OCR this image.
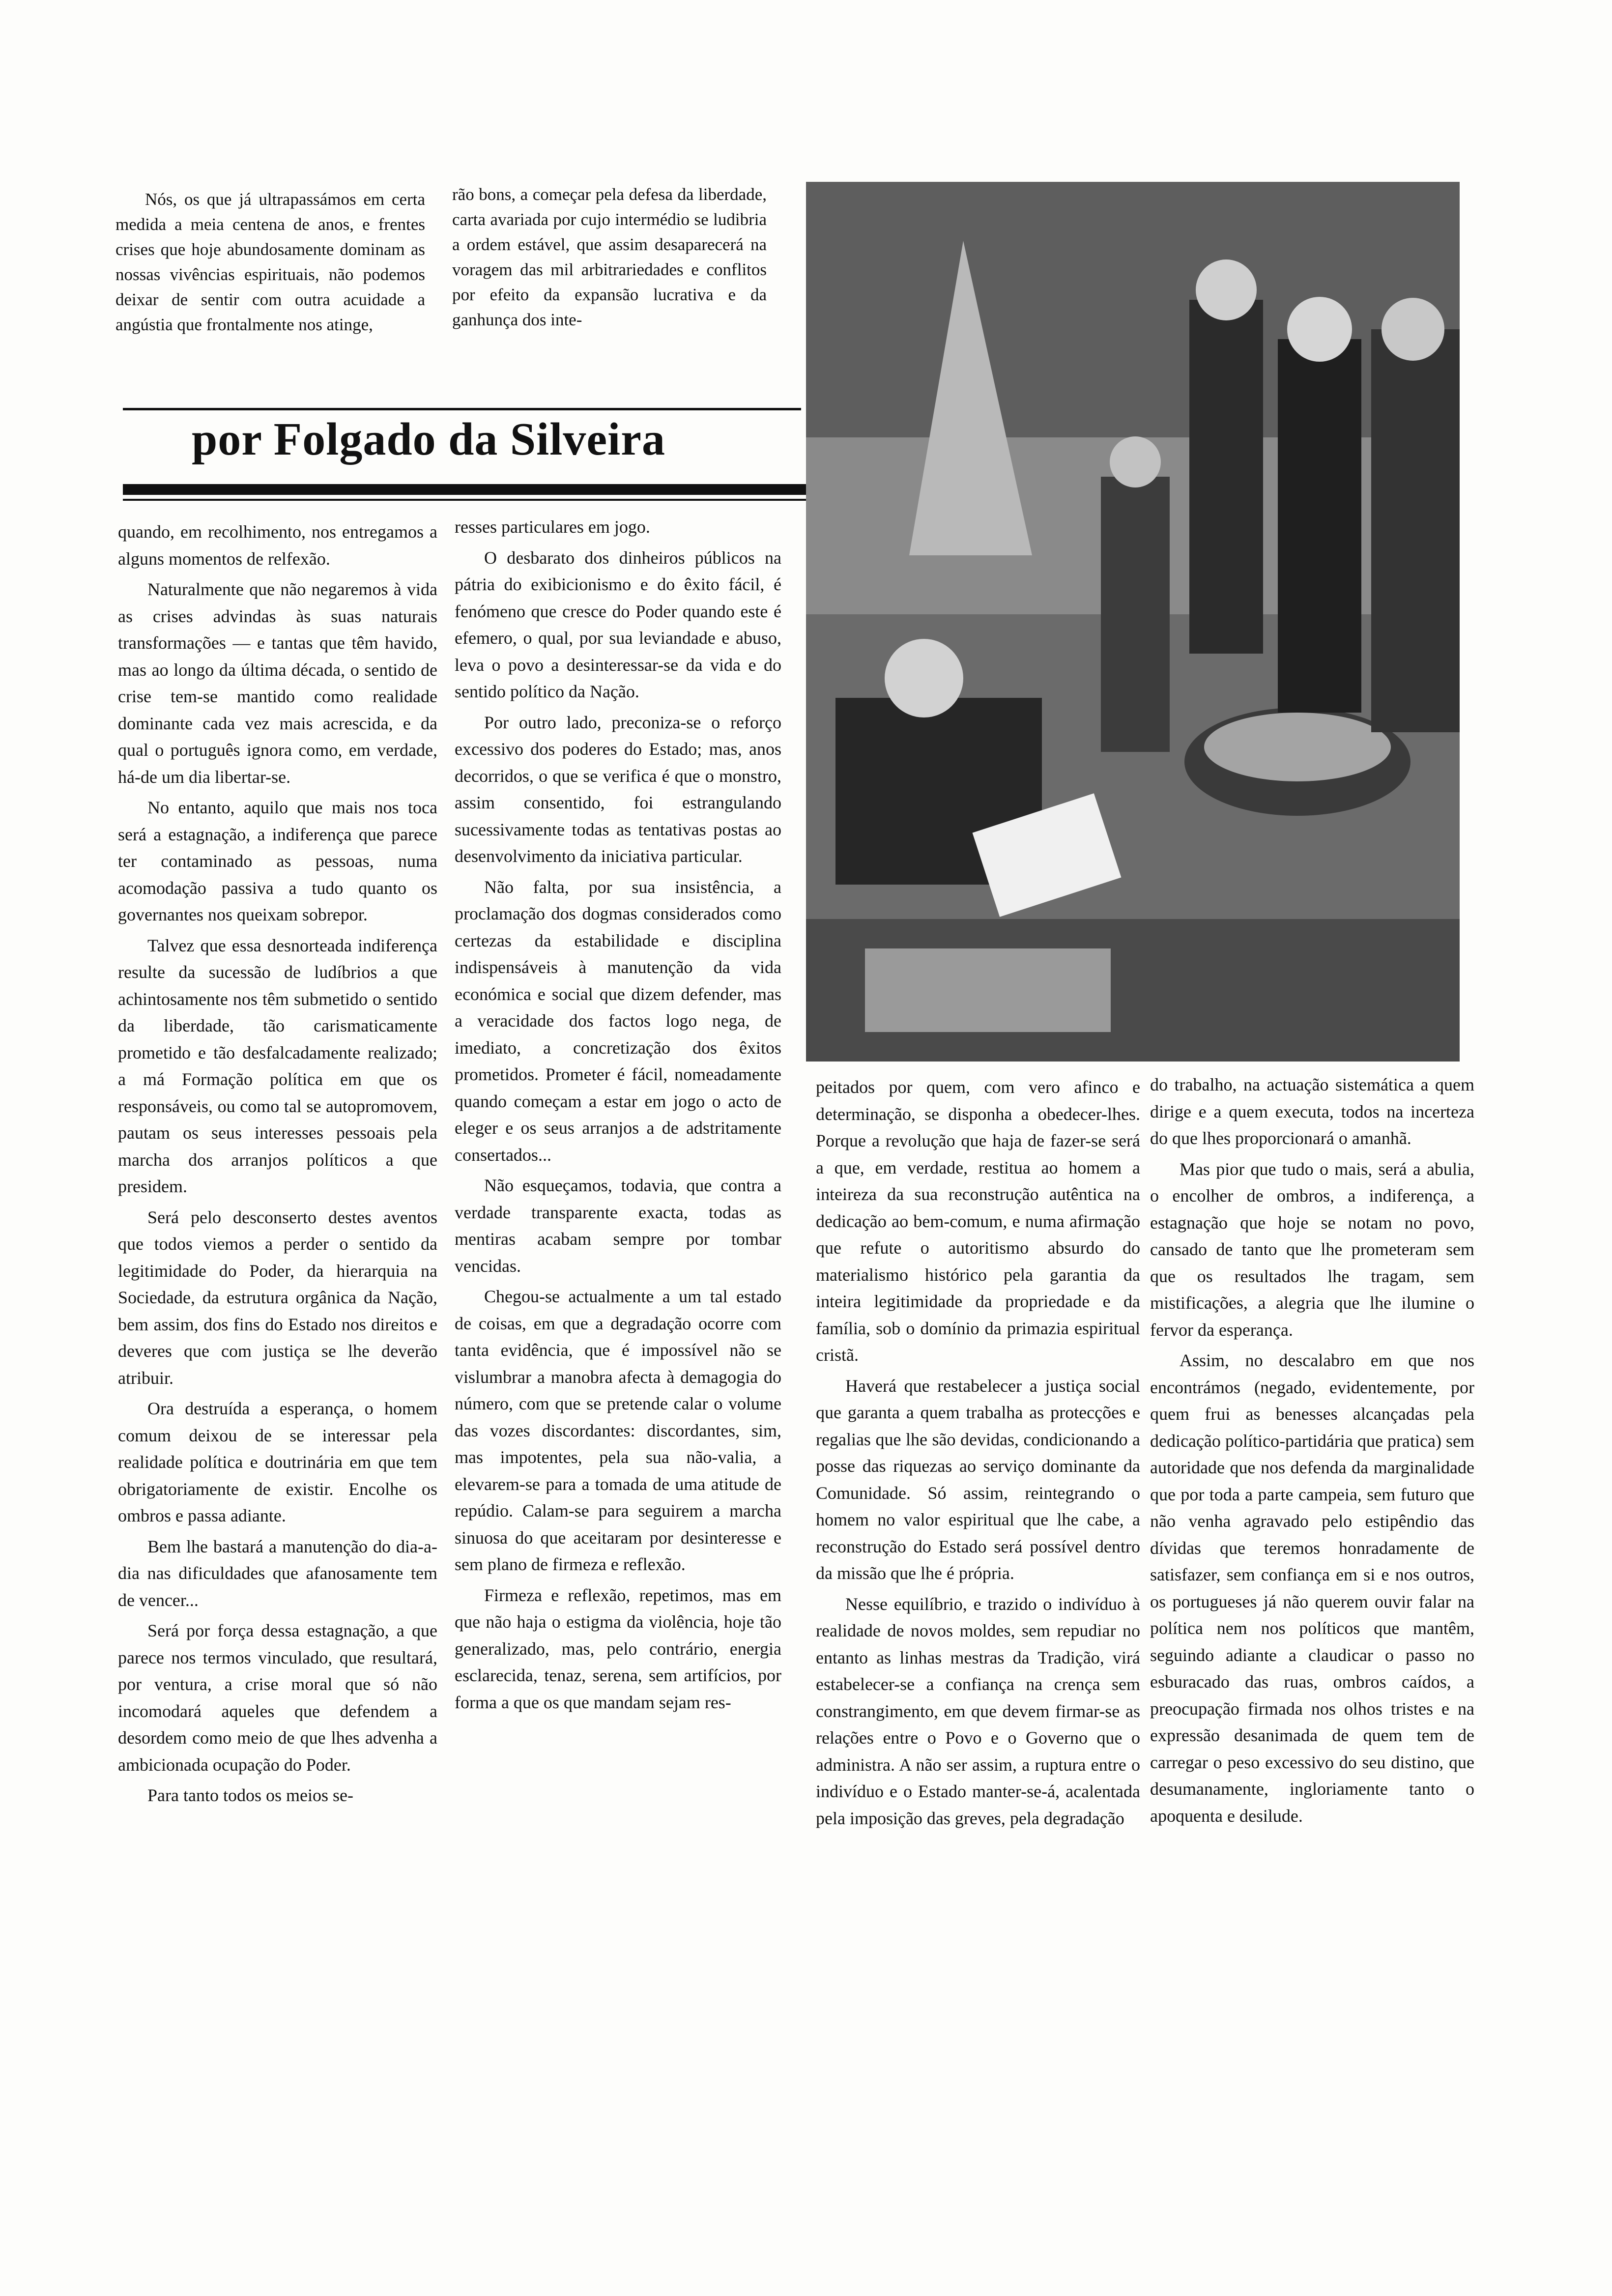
Nós, os que já ultrapassámos em certa medida a meia centena de anos, e frentes crises que hoje abundosamente dominam as nossas vivências espirituais, não podemos deixar de sentir com outra acuidade a angústia que frontalmente nos atinge,

rão bons, a começar pela defesa da liberdade, carta avariada por cujo intermédio se ludibria a ordem estável, que assim desaparecerá na voragem das mil arbitrariedades e conflitos por efeito da expansão lucrativa e da ganhunça dos inte-

por Folgado da Silveira

quando, em recolhimento, nos entregamos a alguns momentos de relfexão.

Naturalmente que não negaremos à vida as crises advindas às suas naturais transformações — e tantas que têm havido, mas ao longo da última década, o sentido de crise tem-se mantido como realidade dominante cada vez mais acrescida, e da qual o português ignora como, em verdade, há-de um dia libertar-se.

No entanto, aquilo que mais nos toca será a estagnação, a indiferença que parece ter contaminado as pessoas, numa acomodação passiva a tudo quanto os governantes nos queixam sobrepor.

Talvez que essa desnorteada indiferença resulte da sucessão de ludíbrios a que achintosamente nos têm submetido o sentido da liberdade, tão carismaticamente prometido e tão desfalcadamente realizado; a má Formação política em que os responsáveis, ou como tal se autopromovem, pautam os seus interesses pessoais pela marcha dos arranjos políticos a que presidem.

Será pelo desconserto destes aventos que todos viemos a perder o sentido da legitimidade do Poder, da hierarquia na Sociedade, da estrutura orgânica da Nação, bem assim, dos fins do Estado nos direitos e deveres que com justiça se lhe deverão atribuir.

Ora destruída a esperança, o homem comum deixou de se interessar pela realidade política e doutrinária em que tem obrigatoriamente de existir. Encolhe os ombros e passa adiante.

Bem lhe bastará a manutenção do dia-a-dia nas dificuldades que afanosamente tem de vencer...

Será por força dessa estagnação, a que parece nos termos vinculado, que resultará, por ventura, a crise moral que só não incomodará aqueles que defendem a desordem como meio de que lhes advenha a ambicionada ocupação do Poder.

Para tanto todos os meios se-

resses particulares em jogo.

O desbarato dos dinheiros públicos na pátria do exibicionismo e do êxito fácil, é fenómeno que cresce do Poder quando este é efemero, o qual, por sua leviandade e abuso, leva o povo a desinteressar-se da vida e do sentido político da Nação.

Por outro lado, preconiza-se o reforço excessivo dos poderes do Estado; mas, anos decorridos, o que se verifica é que o monstro, assim consentido, foi estrangulando sucessivamente todas as tentativas postas ao desenvolvimento da iniciativa particular.

Não falta, por sua insistência, a proclamação dos dogmas considerados como certezas da estabilidade e disciplina indispensáveis à manutenção da vida económica e social que dizem defender, mas a veracidade dos factos logo nega, de imediato, a concretização dos êxitos prometidos. Prometer é fácil, nomeadamente quando começam a estar em jogo o acto de eleger e os seus arranjos a de adstritamente consertados...

Não esqueçamos, todavia, que contra a verdade transparente exacta, todas as mentiras acabam sempre por tombar vencidas.

Chegou-se actualmente a um tal estado de coisas, em que a degradação ocorre com tanta evidência, que é impossível não se vislumbrar a manobra afecta à demagogia do número, com que se pretende calar o volume das vozes discordantes: discordantes, sim, mas impotentes, pela sua não-valia, a elevarem-se para a tomada de uma atitude de repúdio. Calam-se para seguirem a marcha sinuosa do que aceitaram por desinteresse e sem plano de firmeza e reflexão.

Firmeza e reflexão, repetimos, mas em que não haja o estigma da violência, hoje tão generalizado, mas, pelo contrário, energia esclarecida, tenaz, serena, sem artifícios, por forma a que os que mandam sejam res-

peitados por quem, com vero afinco e determinação, se disponha a obedecer-lhes. Porque a revolução que haja de fazer-se será a que, em verdade, restitua ao homem a inteireza da sua reconstrução autêntica na dedicação ao bem-comum, e numa afirmação que refute o autoritismo absurdo do materialismo histórico pela garantia da inteira legitimidade da propriedade e da família, sob o domínio da primazia espiritual cristã.

Haverá que restabelecer a justiça social que garanta a quem trabalha as protecções e regalias que lhe são devidas, condicionando a posse das riquezas ao serviço dominante da Comunidade. Só assim, reintegrando o homem no valor espiritual que lhe cabe, a reconstrução do Estado será possível dentro da missão que lhe é própria.

Nesse equilíbrio, e trazido o indivíduo à realidade de novos moldes, sem repudiar no entanto as linhas mestras da Tradição, virá estabelecer-se a confiança na crença sem constrangimento, em que devem firmar-se as relações entre o Povo e o Governo que o administra. A não ser assim, a ruptura entre o indivíduo e o Estado manter-se-á, acalentada pela imposição das greves, pela degradação

do trabalho, na actuação sistemática a quem dirige e a quem executa, todos na incerteza do que lhes proporcionará o amanhã.

Mas pior que tudo o mais, será a abulia, o encolher de ombros, a indiferença, a estagnação que hoje se notam no povo, cansado de tanto que lhe prometeram sem que os resultados lhe tragam, sem mistificações, a alegria que lhe ilumine o fervor da esperança.

Assim, no descalabro em que nos encontrámos (negado, evidentemente, por quem frui as benesses alcançadas pela dedicação político-partidária que pratica) sem autoridade que nos defenda da marginalidade que por toda a parte campeia, sem futuro que não venha agravado pelo estipêndio das dívidas que teremos honradamente de satisfazer, sem confiança em si e nos outros, os portugueses já não querem ouvir falar na política nem nos políticos que mantêm, seguindo adiante a claudicar o passo no esburacado das ruas, ombros caídos, a preocupação firmada nos olhos tristes e na expressão desanimada de quem tem de carregar o peso excessivo do seu distino, que desumanamente, ingloriamente tanto o apoquenta e desilude.
